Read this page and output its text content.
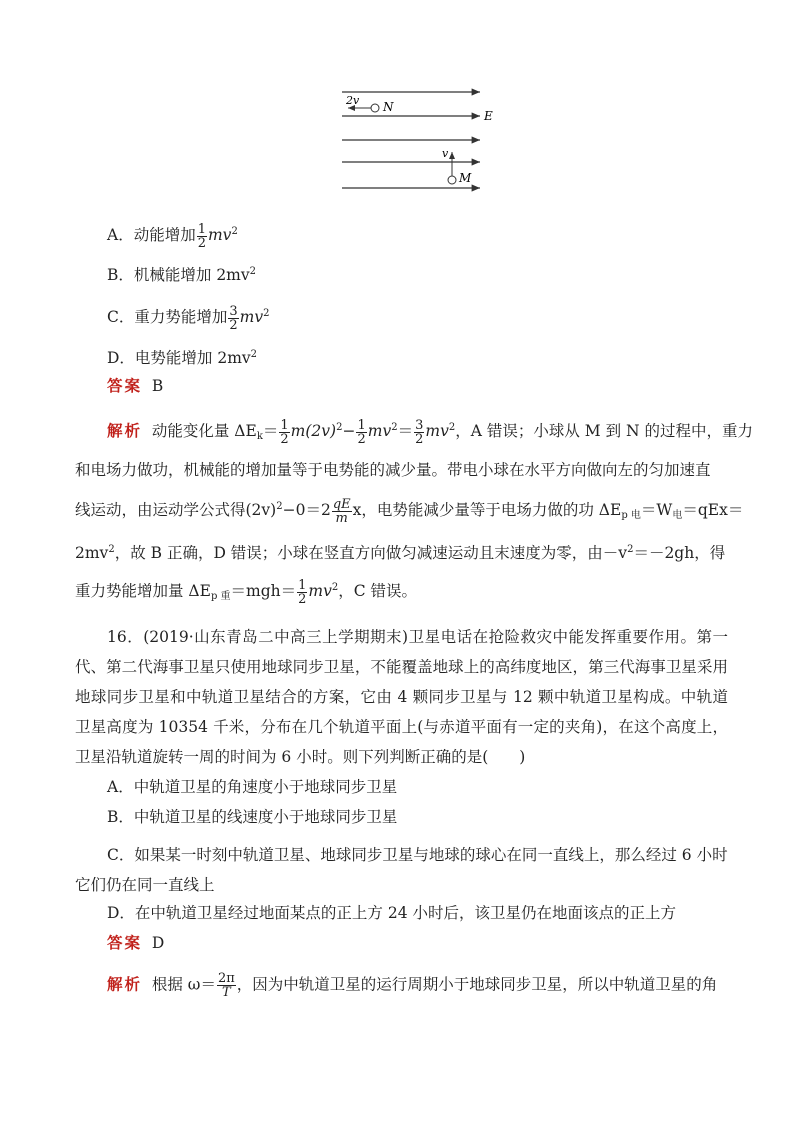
2v N
E
v
M
A．动能增加 $\frac{1}{2} mv^2$
B．机械能增加 $2mv^2$
C．重力势能增加 $\frac{3}{2} mv^2$
D．电势能增加 $2mv^2$
答案 B
解析 动能变化量 $\Delta E_k= \frac{1}{2} m(2v)^2- \frac{1}{2} mv^2= \frac{3}{2} mv^2$，A 错误；小球从 M 到 N 的过程中，重力
和电场力做功，机械能的增加量等于电势能的减少量。带电小球在水平方向做向左的匀加速直
线运动，由运动学公式得$(2v)^2-0=2 \frac{qE}{m}$ x，电势能减少量等于电场力做的功 $\Delta E_{p 电}=W_电=qEx=$
$2mv^2$，故 B 正确，D 错误；小球在竖直方向做匀减速运动且末速度为零，由$-v^2=-2gh$，得
重力势能增加量 $\Delta E_{p 重}=mgh= \frac{1}{2} mv^2$，C 错误。
16．(2019·山东青岛二中高三上学期期末)卫星电话在抢险救灾中能发挥重要作用。第一代、第二代海事卫星只使用地球同步卫星，不能覆盖地球上的高纬度地区，第三代海事卫星采用地球同步卫星和中轨道卫星结合的方案，它由 4 颗同步卫星与 12 颗中轨道卫星构成。中轨道卫星高度为 10354 千米，分布在几个轨道平面上(与赤道平面有一定的夹角)，在这个高度上，卫星沿轨道旋转一周的时间为 6 小时。则下列判断正确的是(　　)
A．中轨道卫星的角速度小于地球同步卫星
B．中轨道卫星的线速度小于地球同步卫星
C．如果某一时刻中轨道卫星、地球同步卫星与地球的球心在同一直线上，那么经过 6 小时它们仍在同一直线上
D．在中轨道卫星经过地面某点的正上方 24 小时后，该卫星仍在地面该点的正上方
答案 D
解析 根据 $\omega= \frac{2\pi}{T}$ ，因为中轨道卫星的运行周期小于地球同步卫星，所以中轨道卫星的角
